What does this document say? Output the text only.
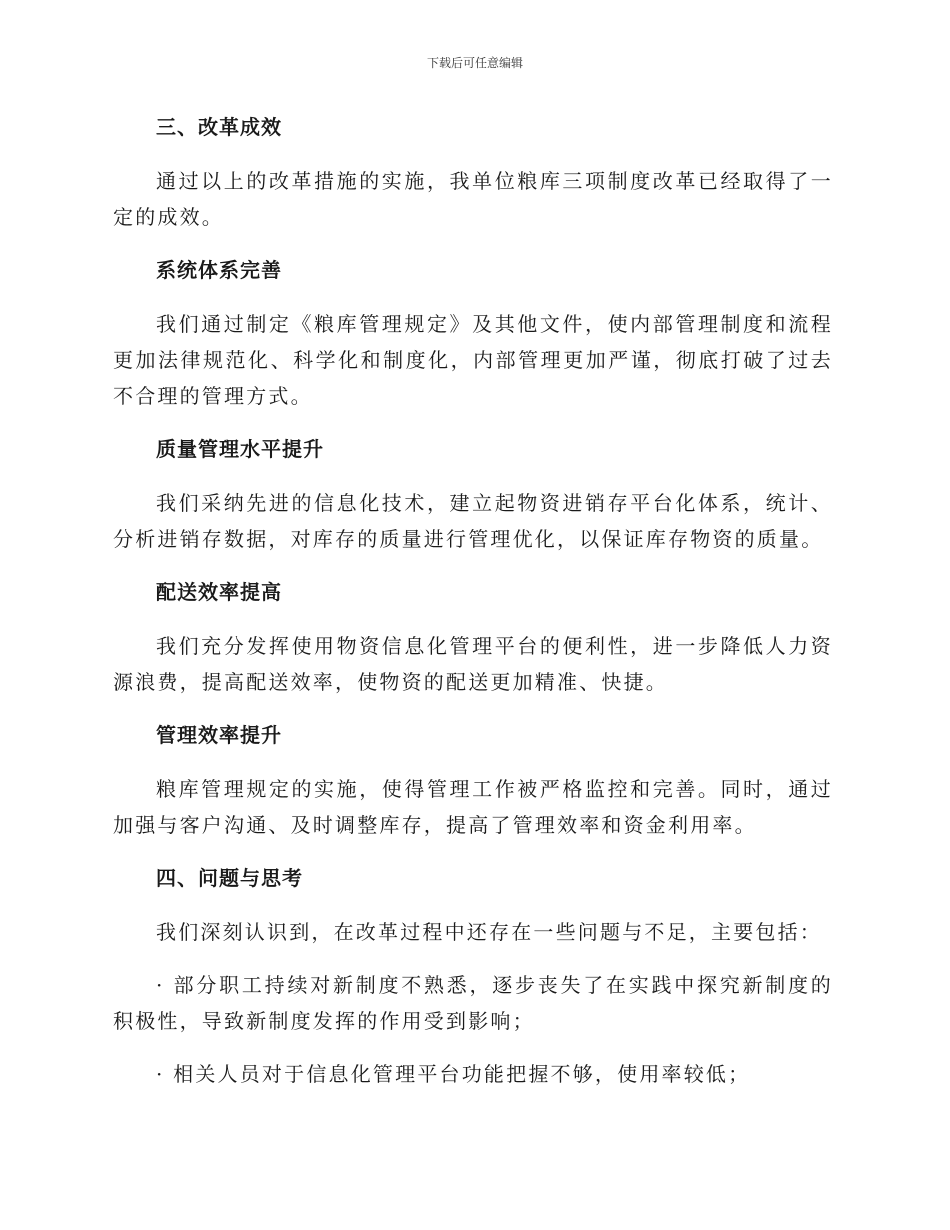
下载后可任意编辑

三、改革成效

通过以上的改革措施的实施，我单位粮库三项制度改革已经取得了一定的成效。

系统体系完善

我们通过制定《粮库管理规定》及其他文件，使内部管理制度和流程更加法律规范化、科学化和制度化，内部管理更加严谨，彻底打破了过去不合理的管理方式。

质量管理水平提升

我们采纳先进的信息化技术，建立起物资进销存平台化体系，统计、分析进销存数据，对库存的质量进行管理优化，以保证库存物资的质量。

配送效率提高

我们充分发挥使用物资信息化管理平台的便利性，进一步降低人力资源浪费，提高配送效率，使物资的配送更加精准、快捷。

管理效率提升

粮库管理规定的实施，使得管理工作被严格监控和完善。同时，通过加强与客户沟通、及时调整库存，提高了管理效率和资金利用率。

四、问题与思考

我们深刻认识到，在改革过程中还存在一些问题与不足，主要包括：

· 部分职工持续对新制度不熟悉，逐步丧失了在实践中探究新制度的积极性，导致新制度发挥的作用受到影响；

· 相关人员对于信息化管理平台功能把握不够，使用率较低；
